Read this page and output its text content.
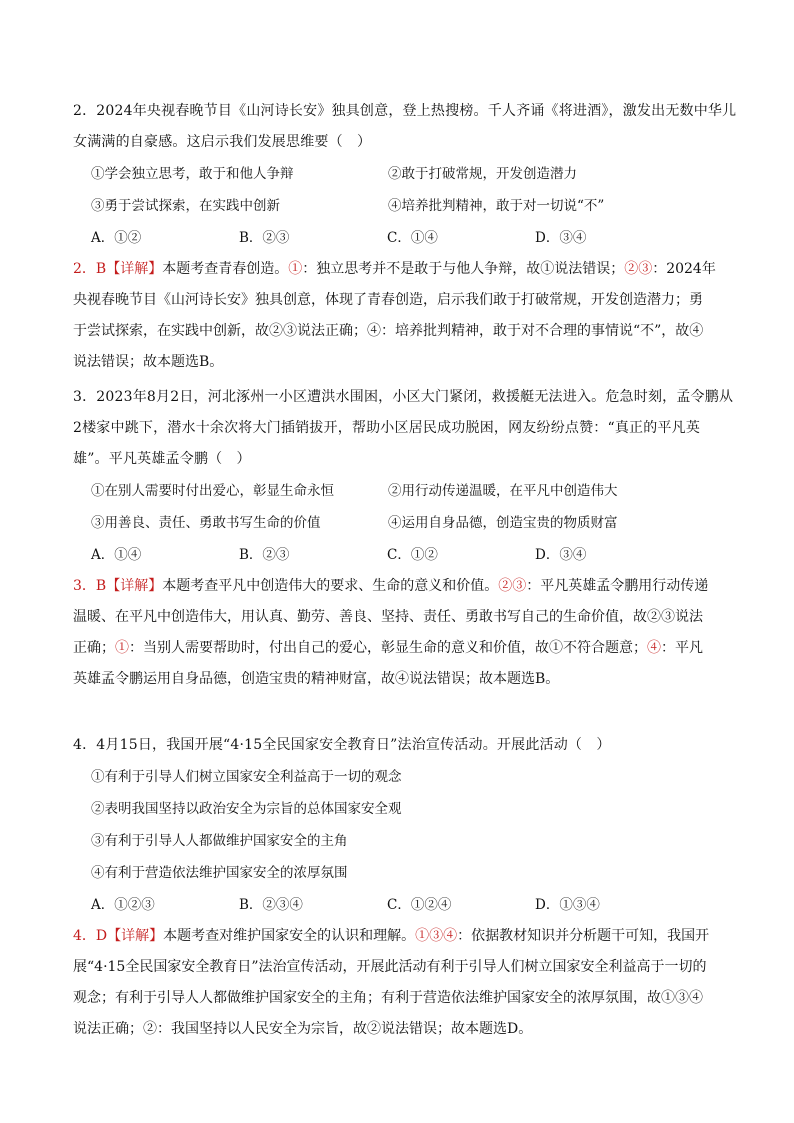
2．2024年央视春晚节目《山河诗长安》独具创意，登上热搜榜。千人齐诵《将进酒》，激发出无数中华儿
女满满的自豪感。这启示我们发展思维要（　）
①学会独立思考，敢于和他人争辩	②敢于打破常规，开发创造潜力
③勇于尝试探索，在实践中创新	④培养批判精神，敢于对一切说“不”
A．①②	B．②③	C．①④	D．③④
2．B【详解】本题考查青春创造。①：独立思考并不是敢于与他人争辩，故①说法错误；②③：2024年
央视春晚节目《山河诗长安》独具创意，体现了青春创造，启示我们敢于打破常规，开发创造潜力；勇
于尝试探索，在实践中创新，故②③说法正确；④：培养批判精神，敢于对不合理的事情说“不”，故④
说法错误；故本题选B。
3．2023年8月2日，河北涿州一小区遭洪水围困，小区大门紧闭，救援艇无法进入。危急时刻，孟令鹏从
2楼家中跳下，潜水十余次将大门插销拔开，帮助小区居民成功脱困，网友纷纷点赞：“真正的平凡英
雄”。平凡英雄孟令鹏（　）
①在别人需要时付出爱心，彰显生命永恒	②用行动传递温暖，在平凡中创造伟大
③用善良、责任、勇敢书写生命的价值	④运用自身品德，创造宝贵的物质财富
A．①④	B．②③	C．①②	D．③④
3．B【详解】本题考查平凡中创造伟大的要求、生命的意义和价值。②③：平凡英雄孟令鹏用行动传递
温暖、在平凡中创造伟大，用认真、勤劳、善良、坚持、责任、勇敢书写自己的生命价值，故②③说法
正确；①：当别人需要帮助时，付出自己的爱心，彰显生命的意义和价值，故①不符合题意；④：平凡
英雄孟令鹏运用自身品德，创造宝贵的精神财富，故④说法错误；故本题选B。
4．4月15日，我国开展“4·15全民国家安全教育日”法治宣传活动。开展此活动（　）
①有利于引导人们树立国家安全利益高于一切的观念
②表明我国坚持以政治安全为宗旨的总体国家安全观
③有利于引导人人都做维护国家安全的主角
④有利于营造依法维护国家安全的浓厚氛围
A．①②③	B．②③④	C．①②④	D．①③④
4．D【详解】本题考查对维护国家安全的认识和理解。①③④：依据教材知识并分析题干可知，我国开
展“4·15全民国家安全教育日”法治宣传活动，开展此活动有利于引导人们树立国家安全利益高于一切的
观念；有利于引导人人都做维护国家安全的主角；有利于营造依法维护国家安全的浓厚氛围，故①③④
说法正确；②：我国坚持以人民安全为宗旨，故②说法错误；故本题选D。
